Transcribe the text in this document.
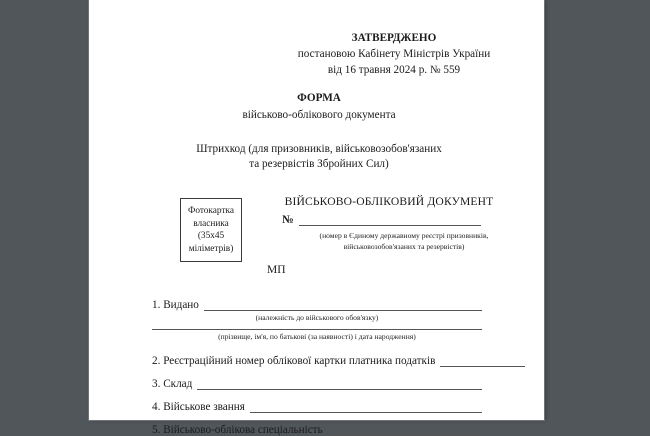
ЗАТВЕРДЖЕНО
постановою Кабінету Міністрів України
від 16 травня 2024 р. № 559
ФОРМА
військово-облікового документа
Штрихкод (для призовників, військовозобов'язаних
та резервістів Збройних Сил)
Фотокартка
власника
(35х45
міліметрів)
ВІЙСЬКОВО-ОБЛІКОВИЙ ДОКУМЕНТ
№
(номер в Єдиному державному реєстрі призовників,
військовозобов'язаних та резервістів)
МП
1. Видано
(належність до військового обов'язку)
(прізвище, ім'я, по батькові (за наявності) і дата народження)
2. Реєстраційний номер облікової картки платника податків
3. Склад
4. Військове звання
5. Військово-облікова спеціальність
